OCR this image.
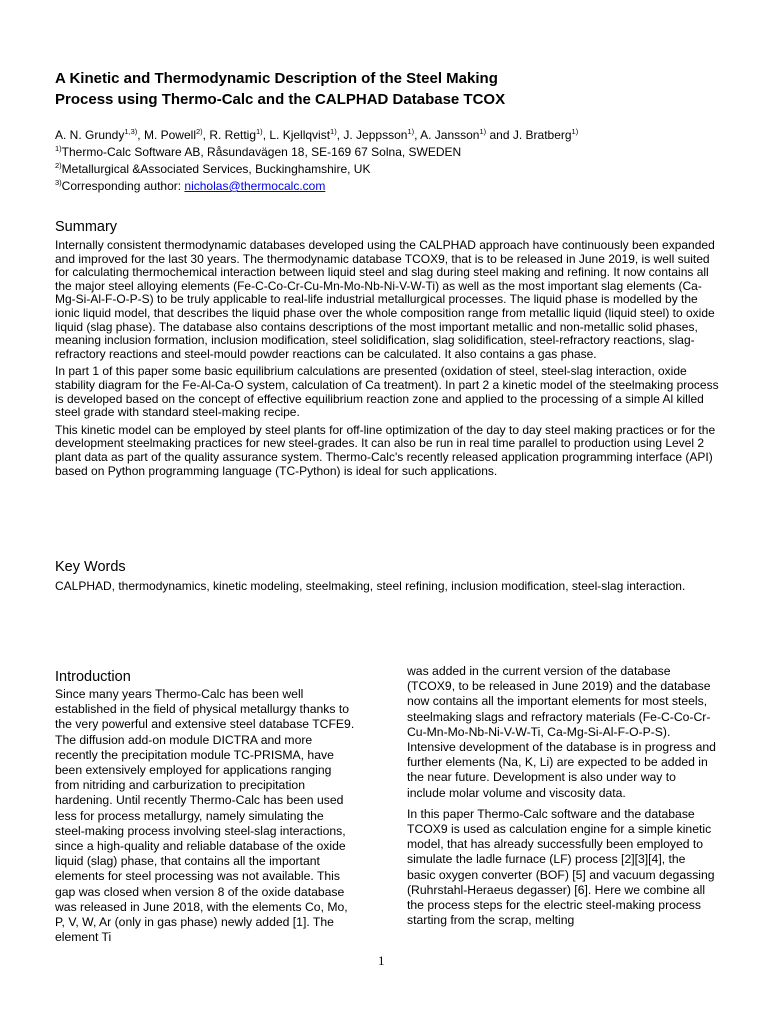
A Kinetic and Thermodynamic Description of the Steel Making
Process using Thermo-Calc and the CALPHAD Database TCOX
A. N. Grundy$^{1,3)}$, M. Powell$^{2)}$, R. Rettig$^{1)}$, L. Kjellqvist$^{1)}$, J. Jeppsson$^{1)}$, A. Jansson$^{1)}$ and J. Bratberg$^{1)}$
$^{1)}$Thermo-Calc Software AB, Råsundavägen 18, SE-169 67 Solna, SWEDEN
$^{2)}$Metallurgical &Associated Services, Buckinghamshire, UK
$^{3)}$Corresponding author: nicholas@thermocalc.com
Summary

Internally consistent thermodynamic databases developed using the CALPHAD approach have continuously been expanded and improved for the last 30 years. The thermodynamic database TCOX9, that is to be released in June 2019, is well suited for calculating thermochemical interaction between liquid steel and slag during steel making and refining. It now contains all the major steel alloying elements (Fe-C-Co-Cr-Cu-Mn-Mo-Nb-Ni-V-W-Ti) as well as the most important slag elements (Ca-Mg-Si-Al-F-O-P-S) to be truly applicable to real-life industrial metallurgical processes. The liquid phase is modelled by the ionic liquid model, that describes the liquid phase over the whole composition range from metallic liquid (liquid steel) to oxide liquid (slag phase). The database also contains descriptions of the most important metallic and non-metallic solid phases, meaning inclusion formation, inclusion modification, steel solidification, slag solidification, steel-refractory reactions, slag-refractory reactions and steel-mould powder reactions can be calculated. It also contains a gas phase.

In part 1 of this paper some basic equilibrium calculations are presented (oxidation of steel, steel-slag interaction, oxide stability diagram for the Fe-Al-Ca-O system, calculation of Ca treatment). In part 2 a kinetic model of the steelmaking process is developed based on the concept of effective equilibrium reaction zone and applied to the processing of a simple Al killed steel grade with standard steel-making recipe.

This kinetic model can be employed by steel plants for off-line optimization of the day to day steel making practices or for the development steelmaking practices for new steel-grades. It can also be run in real time parallel to production using Level 2 plant data as part of the quality assurance system. Thermo-Calc's recently released application programming interface (API) based on Python programming language (TC-Python) is ideal for such applications.

Key Words
CALPHAD, thermodynamics, kinetic modeling, steelmaking, steel refining, inclusion modification, steel-slag interaction.
Introduction

Since many years Thermo-Calc has been well established in the field of physical metallurgy thanks to the very powerful and extensive steel database TCFE9. The diffusion add-on module DICTRA and more recently the precipitation module TC-PRISMA, have been extensively employed for applications ranging from nitriding and carburization to precipitation hardening. Until recently Thermo-Calc has been used less for process metallurgy, namely simulating the steel-making process involving steel-slag interactions, since a high-quality and reliable database of the oxide liquid (slag) phase, that contains all the important elements for steel processing was not available. This gap was closed when version 8 of the oxide database was released in June 2018, with the elements Co, Mo, P, V, W, Ar (only in gas phase) newly added [1]. The element Ti

was added in the current version of the database (TCOX9, to be released in June 2019) and the database now contains all the important elements for most steels, steelmaking slags and refractory materials (Fe-C-Co-Cr-Cu-Mn-Mo-Nb-Ni-V-W-Ti, Ca-Mg-Si-Al-F-O-P-S). Intensive development of the database is in progress and further elements (Na, K, Li) are expected to be added in the near future. Development is also under way to include molar volume and viscosity data.

In this paper Thermo-Calc software and the database TCOX9 is used as calculation engine for a simple kinetic model, that has already successfully been employed to simulate the ladle furnace (LF) process [2][3][4], the basic oxygen converter (BOF) [5] and vacuum degassing (Ruhrstahl-Heraeus degasser) [6]. Here we combine all the process steps for the electric steel-making process starting from the scrap, melting

1
